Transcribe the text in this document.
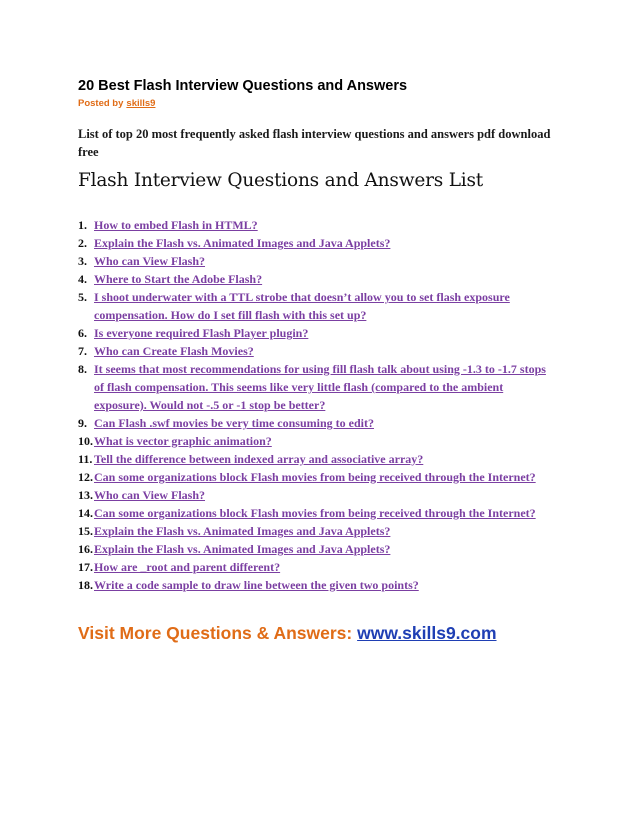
20 Best Flash Interview Questions and Answers
Posted by skills9
List of top 20 most frequently asked flash interview questions and answers pdf download free
Flash Interview Questions and Answers List
1. How to embed Flash in HTML?
2. Explain the Flash vs. Animated Images and Java Applets?
3. Who can View Flash?
4. Where to Start the Adobe Flash?
5. I shoot underwater with a TTL strobe that doesn’t allow you to set flash exposure compensation. How do I set fill flash with this set up?
6. Is everyone required Flash Player plugin?
7. Who can Create Flash Movies?
8. It seems that most recommendations for using fill flash talk about using -1.3 to -1.7 stops of flash compensation. This seems like very little flash (compared to the ambient exposure). Would not -.5 or -1 stop be better?
9. Can Flash .swf movies be very time consuming to edit?
10. What is vector graphic animation?
11. Tell the difference between indexed array and associative array?
12. Can some organizations block Flash movies from being received through the Internet?
13. Who can View Flash?
14. Can some organizations block Flash movies from being received through the Internet?
15. Explain the Flash vs. Animated Images and Java Applets?
16. Explain the Flash vs. Animated Images and Java Applets?
17. How are _root and parent different?
18. Write a code sample to draw line between the given two points?
Visit More Questions & Answers: www.skills9.com
